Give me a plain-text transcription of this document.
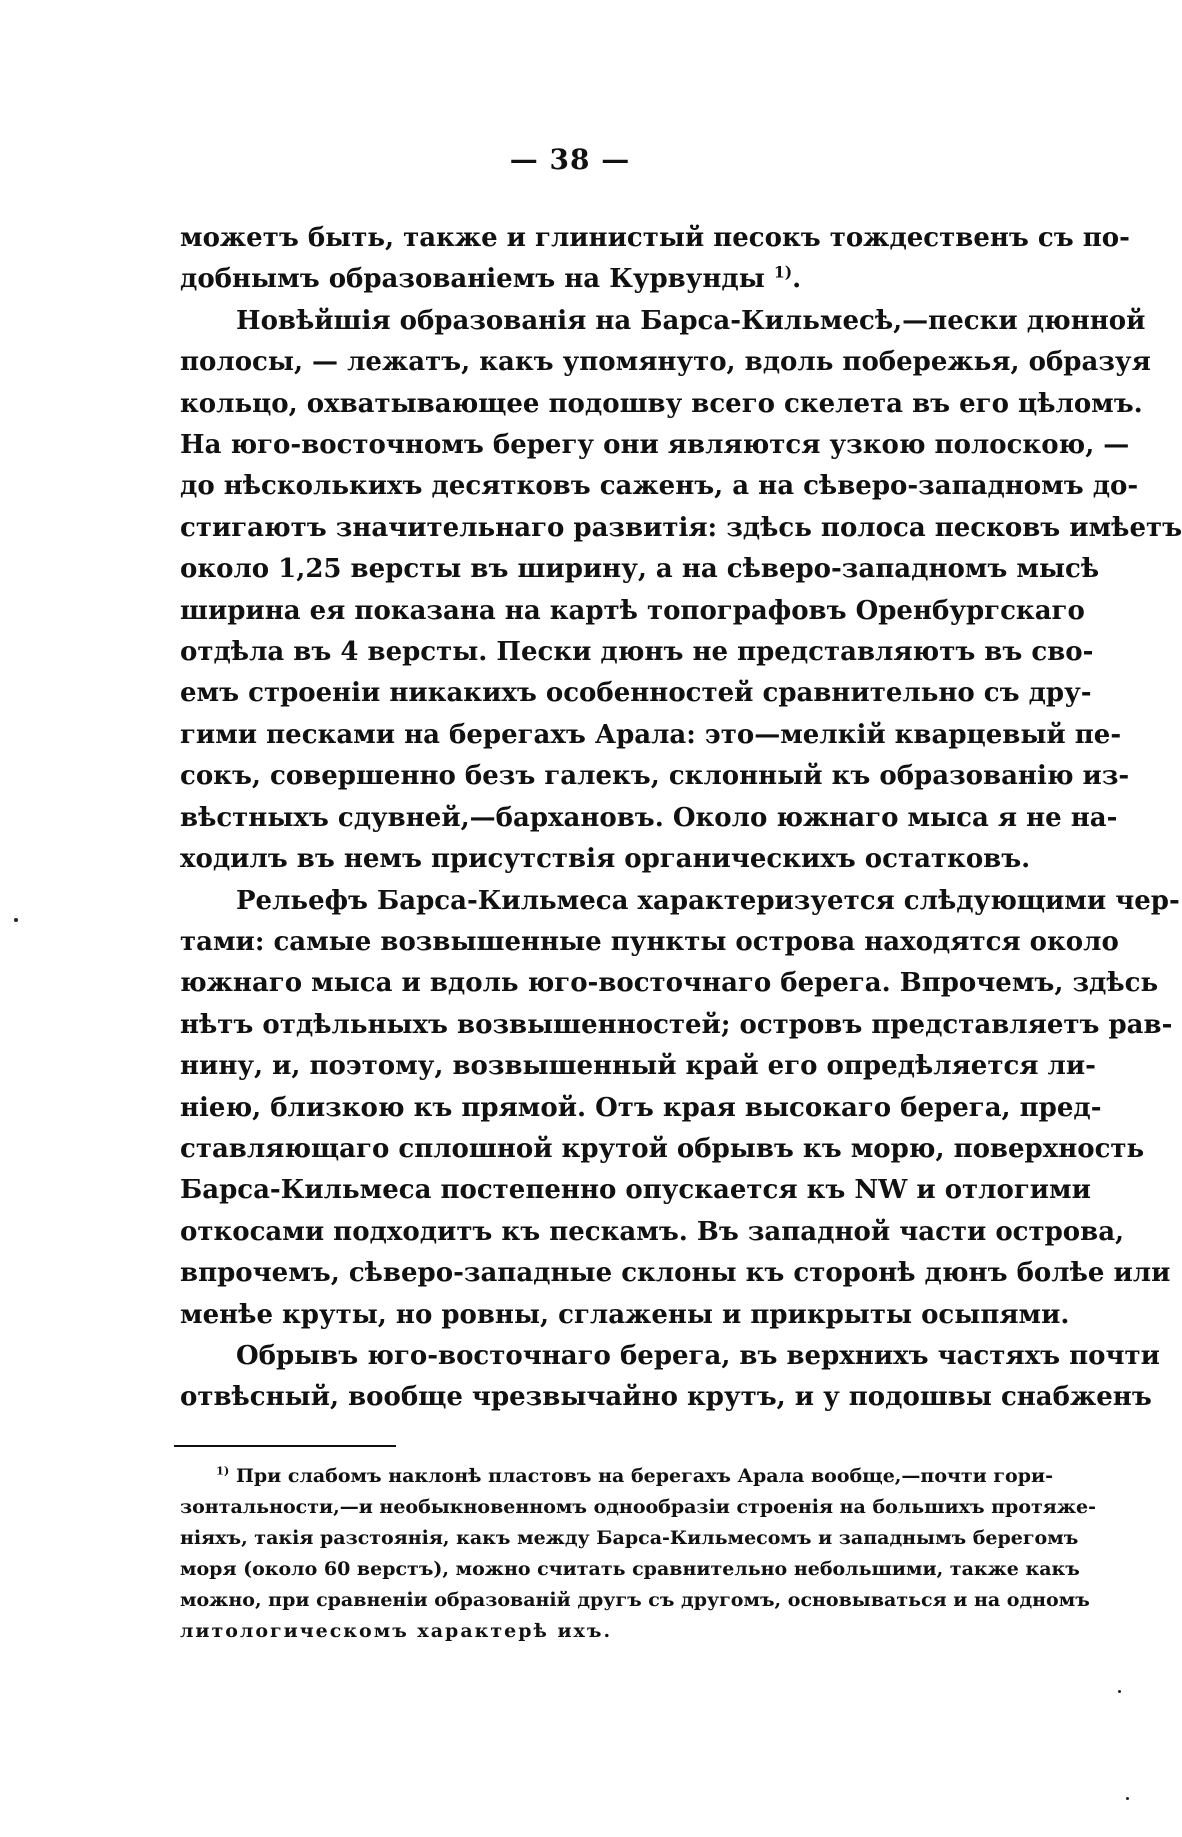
— 38 —
можетъ быть, также и глинистый песокъ тождественъ съ по-
добнымъ образованіемъ на Курвунды $^{1)}$.
Новѣйшія образованія на Барса-Кильмесѣ,—пески дюнной
полосы, — лежатъ, какъ упомянуто, вдоль побережья, образуя
кольцо, охватывающее подошву всего скелета въ его цѣломъ.
На юго-восточномъ берегу они являются узкою полоскою, —
до нѣсколькихъ десятковъ саженъ, а на сѣверо-западномъ до-
стигаютъ значительнаго развитія: здѣсь полоса песковъ имѣетъ
около 1,25 версты въ ширину, а на сѣверо-западномъ мысѣ
ширина ея показана на картѣ топографовъ Оренбургскаго
отдѣла въ 4 версты. Пески дюнъ не представляютъ въ сво-
емъ строеніи никакихъ особенностей сравнительно съ дру-
гими песками на берегахъ Арала: это—мелкій кварцевый пе-
сокъ, совершенно безъ галекъ, склонный къ образованію из-
вѣстныхъ сдувней,—бархановъ. Около южнаго мыса я не на-
ходилъ въ немъ присутствія органическихъ остатковъ.
Рельефъ Барса-Кильмеса характеризуется слѣдующими чер-
тами: самые возвышенные пункты острова находятся около
южнаго мыса и вдоль юго-восточнаго берега. Впрочемъ, здѣсь
нѣтъ отдѣльныхъ возвышенностей; островъ представляетъ рав-
нину, и, поэтому, возвышенный край его опредѣляется ли-
ніею, близкою къ прямой. Отъ края высокаго берега, пред-
ставляющаго сплошной крутой обрывъ къ морю, поверхность
Барса-Кильмеса постепенно опускается къ NW и отлогими
откосами подходитъ къ пескамъ. Въ западной части острова,
впрочемъ, сѣверо-западные склоны къ сторонѣ дюнъ болѣе или
менѣе круты, но ровны, сглажены и прикрыты осыпями.
Обрывъ юго-восточнаго берега, въ верхнихъ частяхъ почти
отвѣсный, вообще чрезвычайно крутъ, и у подошвы снабженъ
$^{1)}$ При слабомъ наклонѣ пластовъ на берегахъ Арала вообще,—почти гори-
зонтальности,—и необыкновенномъ однообразіи строенія на большихъ протяже-
ніяхъ, такія разстоянія, какъ между Барса-Кильмесомъ и западнымъ берегомъ
моря (около 60 верстъ), можно считать сравнительно небольшими, также какъ
можно, при сравненіи образованій другъ съ другомъ, основываться и на одномъ
литологическомъ характерѣ ихъ.
